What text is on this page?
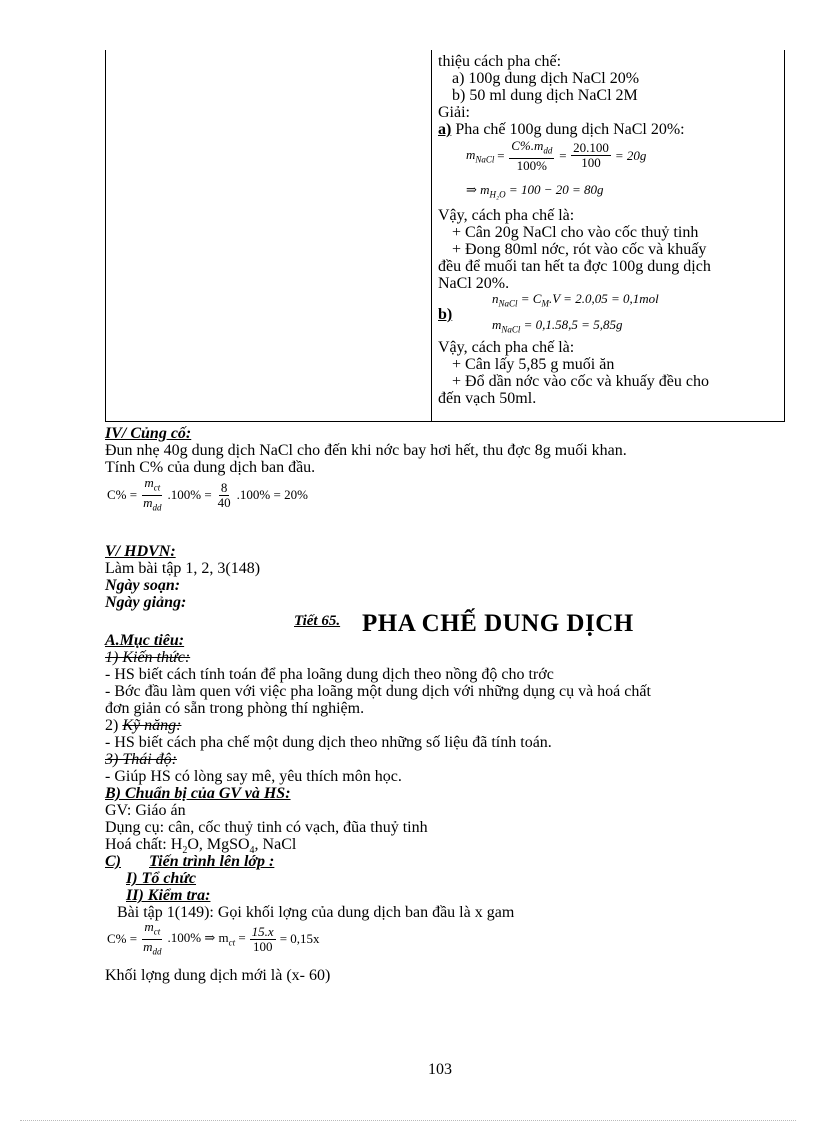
thiệu cách pha chế:
a) 100g dung dịch NaCl 20%
b) 50 ml dung dịch NaCl 2M
Giải:
a) Pha chế 100g dung dịch NaCl 20%:
$m_{NaCl} = \frac{C\%.m_{dd}}{100\%} = \frac{20.100}{100} = 20g$
⇒ $m_{H_2O} = 100 - 20 = 80g$
Vậy, cách pha chế là:
+ Cân 20g NaCl cho vào cốc thuỷ tinh
+ Đong 80ml nớc, rót vào cốc và khuấy
đều để muối tan hết ta đợc 100g dung dịch
NaCl 20%.
b)
$n_{NaCl} = C_M.V = 2.0,05 = 0,1mol$
$m_{NaCl} = 0,1.58,5 = 5,85g$
Vậy, cách pha chế là:
+ Cân lấy 5,85 g muối ăn
+ Đổ dần nớc vào cốc và khuấy đều cho
đến vạch 50ml.
IV/ Củng cố:
Đun nhẹ 40g dung dịch NaCl cho đến khi nớc bay hơi hết, thu đợc 8g muối khan.
Tính C% của dung dịch ban đầu.
$C\% = \frac{m_{ct}}{m_{dd}} .100\% = \frac{8}{40} .100\% = 20\%$
V/ HDVN:
Làm bài tập 1, 2, 3(148)
Ngày soạn:
Ngày giảng:
Tiết 65. PHA CHẾ DUNG DỊCH
A.Mục tiêu:
1) Kiến thức:
- HS biết cách tính toán để pha loãng dung dịch theo nồng độ cho trớc
- Bớc đầu làm quen với việc pha loãng một dung dịch với những dụng cụ và hoá chất
đơn giản có sẵn trong phòng thí nghiệm.
2) Kỹ năng:
- HS biết cách pha chế một dung dịch theo những số liệu đã tính toán.
3) Thái độ:
- Giúp HS có lòng say mê, yêu thích môn học.
B) Chuẩn bị của GV và HS:
GV: Giáo án
Dụng cụ: cân, cốc thuỷ tinh có vạch, đũa thuỷ tinh
Hoá chất: $H_2O$, MgSO$_4$, NaCl
C) Tiến trình lên lớp :
I) Tổ chức
II) Kiểm tra:
Bài tập 1(149): Gọi khối lợng của dung dịch ban đầu là x gam
$C\% = \frac{m_{ct}}{m_{dd}} .100\%$ ⇒ $m_{ct} = \frac{15.x}{100} = 0,15x$
Khối lợng dung dịch mới là (x- 60)
103
